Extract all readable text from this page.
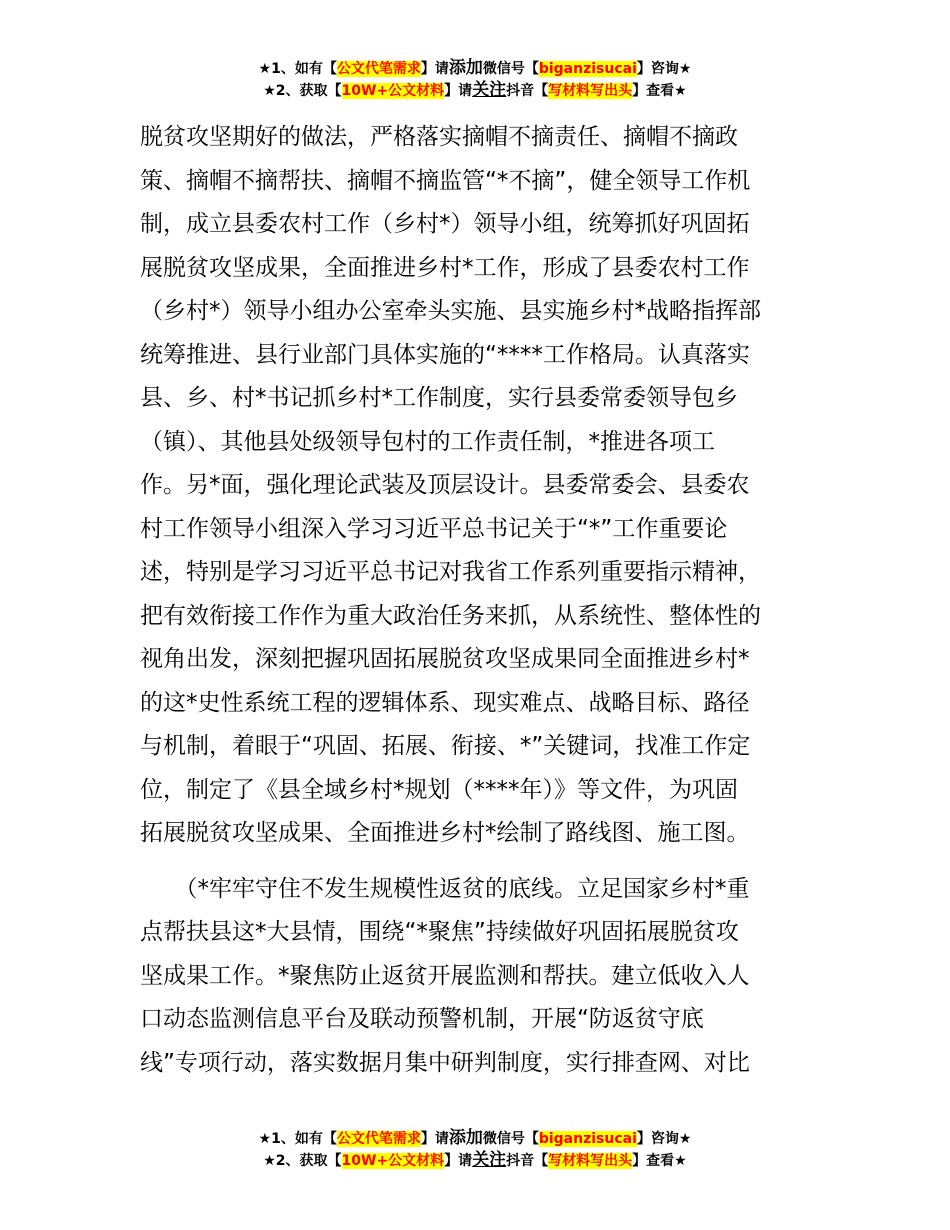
★1、如有【公文代笔需求】请添加微信号【biganzisucai】咨询★
★2、获取【10W+公文材料】请关注抖音【写材料写出头】查看★
脱贫攻坚期好的做法，严格落实摘帽不摘责任、摘帽不摘政
策、摘帽不摘帮扶、摘帽不摘监管“*不摘”，健全领导工作机
制，成立县委农村工作（乡村*）领导小组，统筹抓好巩固拓
展脱贫攻坚成果，全面推进乡村*工作，形成了县委农村工作
（乡村*）领导小组办公室牵头实施、县实施乡村*战略指挥部
统筹推进、县行业部门具体实施的“****工作格局。认真落实
县、乡、村*书记抓乡村*工作制度，实行县委常委领导包乡
（镇）、其他县处级领导包村的工作责任制，*推进各项工
作。另*面，强化理论武装及顶层设计。县委常委会、县委农
村工作领导小组深入学习习近平总书记关于“*”工作重要论
述，特别是学习习近平总书记对我省工作系列重要指示精神，
把有效衔接工作作为重大政治任务来抓，从系统性、整体性的
视角出发，深刻把握巩固拓展脱贫攻坚成果同全面推进乡村*
的这*史性系统工程的逻辑体系、现实难点、战略目标、路径
与机制，着眼于“巩固、拓展、衔接、*”关键词，找准工作定
位，制定了《县全域乡村*规划（****年）》等文件，为巩固
拓展脱贫攻坚成果、全面推进乡村*绘制了路线图、施工图。
　　（*牢牢守住不发生规模性返贫的底线。立足国家乡村*重
点帮扶县这*大县情，围绕“*聚焦”持续做好巩固拓展脱贫攻
坚成果工作。*聚焦防止返贫开展监测和帮扶。建立低收入人
口动态监测信息平台及联动预警机制，开展“防返贫守底
线”专项行动，落实数据月集中研判制度，实行排查网、对比
★1、如有【公文代笔需求】请添加微信号【biganzisucai】咨询★
★2、获取【10W+公文材料】请关注抖音【写材料写出头】查看★
